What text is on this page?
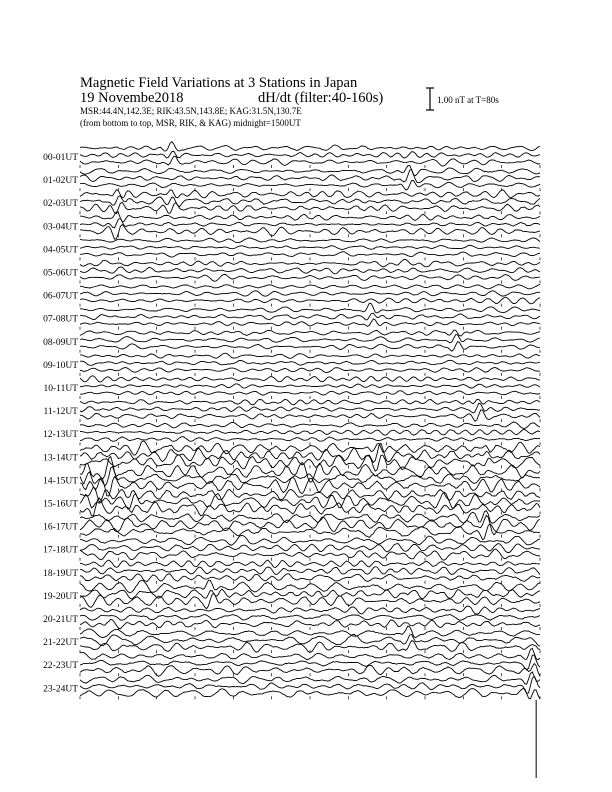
Magnetic Field Variations at 3 Stations in Japan
19 Novembe2018	dH/dt (filter:40-160s)
MSR:44.4N,142.3E; RIK:43.5N,143.8E; KAG:31.5N,130.7E
(from bottom to top, MSR, RIK, & KAG) midnight=1500UT
1.00 nT at T=80s
00-01UT
01-02UT
02-03UT
03-04UT
04-05UT
05-06UT
06-07UT
07-08UT
08-09UT
09-10UT
10-11UT
11-12UT
12-13UT
13-14UT
14-15UT
15-16UT
16-17UT
17-18UT
18-19UT
19-20UT
20-21UT
21-22UT
22-23UT
23-24UT
